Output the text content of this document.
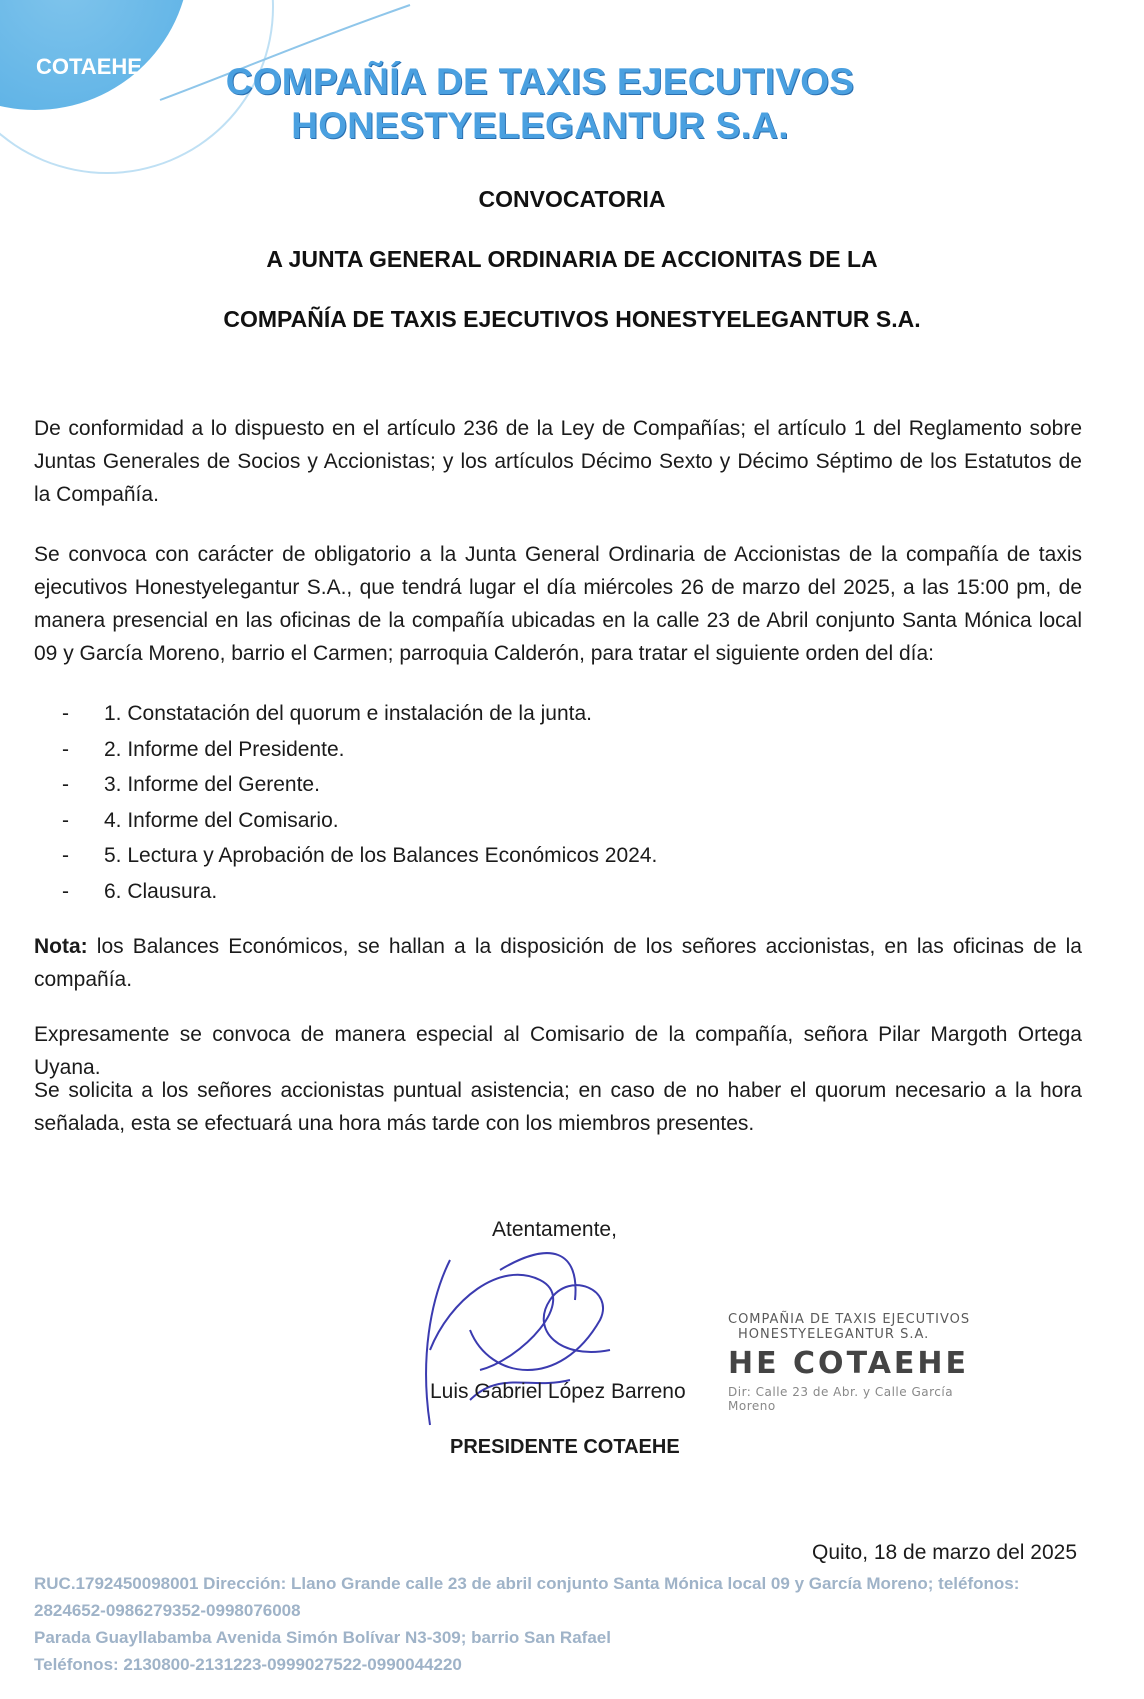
COTAEHE	COMPAÑÍA DE TAXIS EJECUTIVOS
HONESTYELEGANTUR S.A.
CONVOCATORIA
A JUNTA GENERAL ORDINARIA DE ACCIONITAS DE LA
COMPAÑÍA DE TAXIS EJECUTIVOS HONESTYELEGANTUR S.A.
De conformidad a lo dispuesto en el artículo 236 de la Ley de Compañías; el artículo 1 del Reglamento sobre Juntas Generales de Socios y Accionistas; y los artículos Décimo Sexto y Décimo Séptimo de los Estatutos de la Compañía.
Se convoca con carácter de obligatorio a la Junta General Ordinaria de Accionistas de la compañía de taxis ejecutivos Honestyelegantur S.A., que tendrá lugar el día miércoles 26 de marzo del 2025, a las 15:00 pm, de manera presencial en las oficinas de la compañía ubicadas en la calle 23 de Abril conjunto Santa Mónica local 09 y García Moreno, barrio el Carmen; parroquia Calderón, para tratar el siguiente orden del día:
- 1. Constatación del quorum e instalación de la junta.
- 2. Informe del Presidente.
- 3. Informe del Gerente.
- 4. Informe del Comisario.
- 5. Lectura y Aprobación de los Balances Económicos 2024.
- 6. Clausura.
Nota: los Balances Económicos, se hallan a la disposición de los señores accionistas, en las oficinas de la compañía.
Expresamente se convoca de manera especial al Comisario de la compañía, señora Pilar Margoth Ortega Uyana.
Se solicita a los señores accionistas puntual asistencia; en caso de no haber el quorum necesario a la hora señalada, esta se efectuará una hora más tarde con los miembros presentes.
Atentamente,
Luis Gabriel López Barreno
PRESIDENTE COTAEHE
COMPAÑIA DE TAXIS EJECUTIVOS
HONESTYELEGANTUR S.A.
HE COTAEHE
Dir: Calle 23 de Abr. y Calle García Moreno
Quito, 18 de marzo del 2025
RUC.1792450098001 Dirección: Llano Grande calle 23 de abril conjunto Santa Mónica local 09 y García Moreno; teléfonos:
2824652-0986279352-0998076008
Parada Guayllabamba Avenida Simón Bolívar N3-309; barrio San Rafael
Teléfonos: 2130800-2131223-0999027522-0990044220
